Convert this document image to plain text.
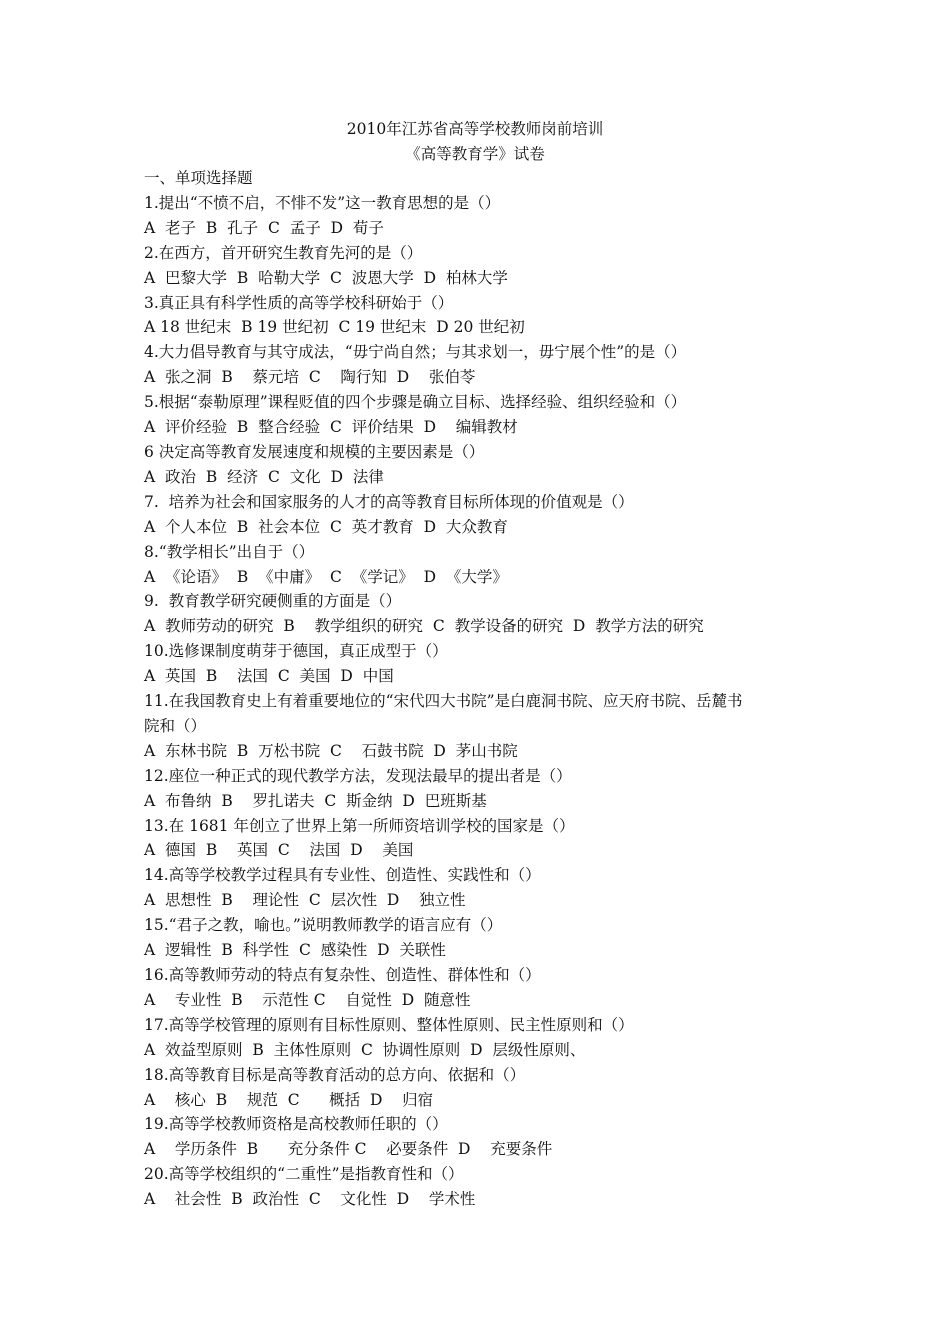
2010年江苏省高等学校教师岗前培训
《高等教育学》试卷

一、单项选择题

1.提出“不愤不启，不悱不发”这一教育思想的是（）

A  老子  B  孔子  C  孟子  D  荀子

2.在西方，首开研究生教育先河的是（）

A  巴黎大学  B  哈勒大学  C  波恩大学  D  柏林大学

3.真正具有科学性质的高等学校科研始于（）

A 18 世纪末  B 19 世纪初  C 19 世纪末  D 20 世纪初

4.大力倡导教育与其守成法，“毋宁尚自然；与其求划一，毋宁展个性”的是（）

A  张之洞  B    蔡元培  C    陶行知  D    张伯苓

5.根据“泰勒原理”课程贬值的四个步骤是确立目标、选择经验、组织经验和（）

A  评价经验  B  整合经验  C  评价结果  D    编辑教材

6 决定高等教育发展速度和规模的主要因素是（）

A  政治  B  经济  C  文化  D  法律

7.  培养为社会和国家服务的人才的高等教育目标所体现的价值观是（）

A  个人本位  B  社会本位  C  英才教育  D  大众教育

8.“教学相长”出自于（）

A  《论语》  B  《中庸》  C  《学记》  D  《大学》

9.  教育教学研究硬侧重的方面是（）

A  教师劳动的研究  B    教学组织的研究  C  教学设备的研究  D  教学方法的研究

10.选修课制度萌芽于德国，真正成型于（）

A  英国  B    法国  C  美国  D  中国

11.在我国教育史上有着重要地位的“宋代四大书院”是白鹿洞书院、应天府书院、岳麓书

院和（）

A  东林书院  B  万松书院  C    石鼓书院  D  茅山书院

12.座位一种正式的现代教学方法，发现法最早的提出者是（）

A  布鲁纳  B    罗扎诺夫  C  斯金纳  D  巴班斯基

13.在 1681 年创立了世界上第一所师资培训学校的国家是（）

A  德国  B    英国  C    法国  D    美国

14.高等学校教学过程具有专业性、创造性、实践性和（）

A  思想性  B    理论性  C  层次性  D    独立性

15.“君子之教，喻也。”说明教师教学的语言应有（）

A  逻辑性  B  科学性  C  感染性  D  关联性

16.高等教师劳动的特点有复杂性、创造性、群体性和（）

A    专业性  B    示范性 C    自觉性  D  随意性

17.高等学校管理的原则有目标性原则、整体性原则、民主性原则和（）

A  效益型原则  B  主体性原则  C  协调性原则  D  层级性原则、

18.高等教育目标是高等教育活动的总方向、依据和（）

A    核心  B    规范  C      概括  D    归宿

19.高等学校教师资格是高校教师任职的（）

A    学历条件  B      充分条件 C    必要条件  D    充要条件

20.高等学校组织的“二重性”是指教育性和（）

A    社会性  B  政治性  C    文化性  D    学术性
